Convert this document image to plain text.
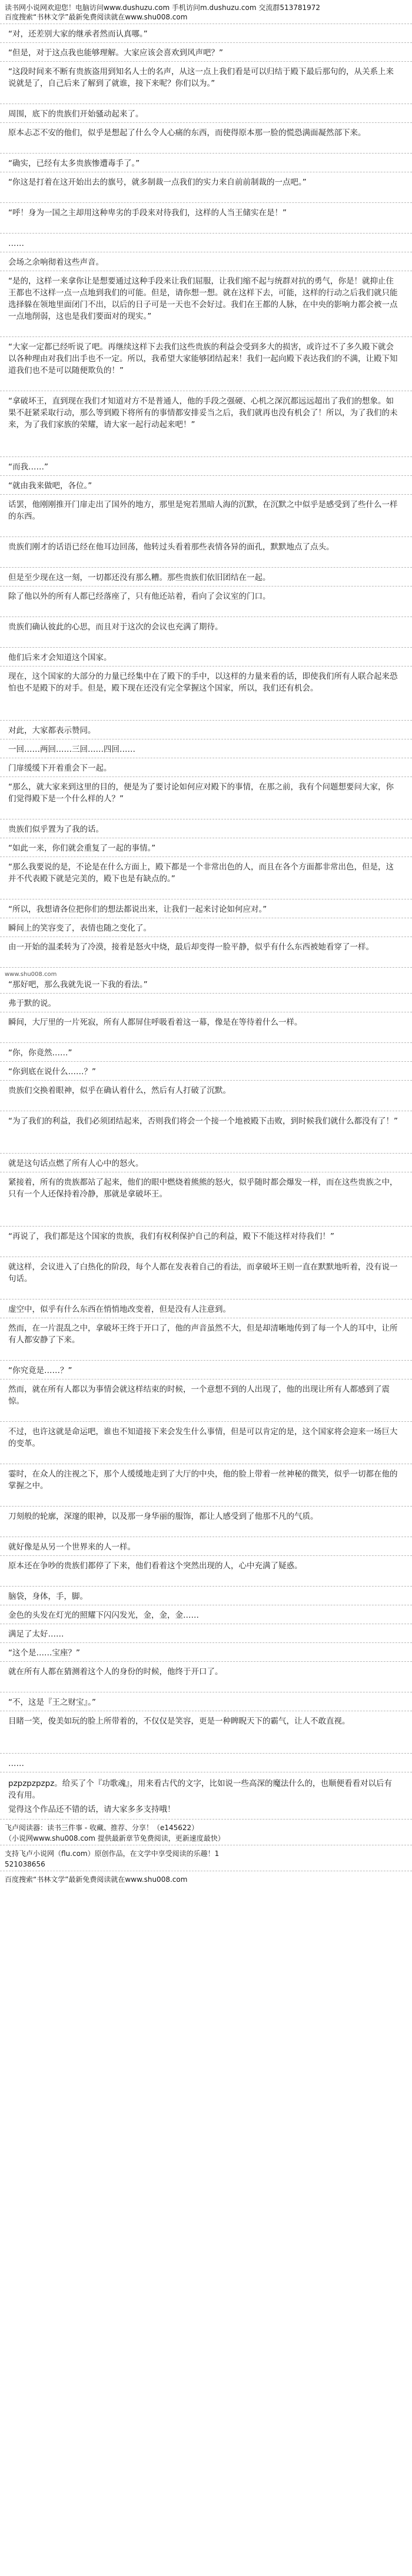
读书网小说网欢迎您！电脑访问www.dushuzu.com 手机访问m.dushuzu.com 交流群513781972
百度搜索“书林文学”最新免费阅读就在www.shu008.com
“对，还差别大家的继承者然而认真哪。”
“但是，对于这点我也能够理解。大家应该会喜欢到风声吧？”
“这段时间来不断有贵族盗用到知名人士的名声，从这一点上我们看是可以归结于殿下最后那句的，从关系上来说就是了，自己后来了解到了就谁，接下来呢？你们以为。”
周围，底下的贵族们开始骚动起来了。
原本忐忑不安的他们，似乎是想起了什么令人心痛的东西，而使得原本那一脸的慌恐满面凝然部下来。
“确实，已经有太多贵族惨遭毒手了。”
“你这是打着在这开始出去的旗号，就多制裁一点我们的实力来自前前制裁的一点吧。”
“呼！身为一国之主却用这种卑劣的手段来对待我们，这样的人当王储实在是！”
……
会场之余响彻着这些声音。
“是的，这样一来拿你让是想要通过这种手段来让我们屈服，让我们缩不起与统群对抗的勇气，你是！就抑止住王都也不这样一点一点地到我们的可能。但是，请你想一想。就在这样下去，可能，这样的行动之后我们就只能选择躲在领地里面闭门不出，以后的日子可是一天也不会好过。我们在王都的人脉，在中央的影响力都会被一点一点地削弱，这也是我们要面对的现实。”
“大家一定都已经听说了吧。再继续这样下去我们这些贵族的利益会受到多大的损害，或许过不了多久殿下就会以各种理由对我们出手也不一定。所以，我希望大家能够团结起来！我们一起向殿下表达我们的不满，让殿下知道我们也不是可以随便欺负的！”
“拿破坏王，直到现在我们才知道对方不是普通人，他的手段之强硬、心机之深沉都远远超出了我们的想象。如果不赶紧采取行动，那么等到殿下将所有的事情都安排妥当之后，我们就再也没有机会了！所以，为了我们的未来，为了我们家族的荣耀，请大家一起行动起来吧！”
“而我……”
“就由我来做吧，各位。”
话罢，他刚刚推开门扉走出了国外的地方，那里是宛若黑暗人海的沉默，在沉默之中似乎是感受到了些什么一样的东西。
贵族们刚才的话语已经在他耳边回荡，他转过头看着那些表情各异的面孔，默默地点了点头。
但是至少现在这一刻，一切都还没有那么糟。那些贵族们依旧团结在一起。
除了他以外的所有人都已经落座了，只有他还站着，看向了会议室的门口。
贵族们确认彼此的心思，而且对于这次的会议也充满了期待。
他们后来才会知道这个国家。
现在，这个国家的大部分的力量已经集中在了殿下的手中，以这样的力量来看的话，即使我们所有人联合起来恐怕也不是殿下的对手。但是，殿下现在还没有完全掌握这个国家，所以，我们还有机会。
对此，大家都表示赞同。
一回……两回……三回……四回……
门扉缓缓下开着重会下一起。
“那么，就大家来到这里的目的，便是为了要讨论如何应对殿下的事情，在那之前，我有个问题想要问大家，你们觉得殿下是一个什么样的人？”
贵族们似乎置为了我的话。
“如此一来，你们就会重复了一起的事情。”
“那么我要说的是，不论是在什么方面上，殿下都是一个非常出色的人，而且在各个方面都非常出色，但是，这并不代表殿下就是完美的，殿下也是有缺点的。”
“所以，我想请各位把你们的想法都说出来，让我们一起来讨论如何应对。”
瞬间上的笑容变了，表情也随之变化了。
由一开始的温柔转为了冷漠，接着是怒火中烧，最后却变得一脸平静，似乎有什么东西被她看穿了一样。
www.shu008.com
“那好吧，那么我就先说一下我的看法。”
弗于默的说。
瞬间，大厅里的一片死寂，所有人都屏住呼吸看着这一幕，像是在等待着什么一样。
“你，你竟然……”
“你到底在说什么……？”
贵族们交换着眼神，似乎在确认着什么，然后有人打破了沉默。
“为了我们的利益，我们必须团结起来，否则我们将会一个接一个地被殿下击败，到时候我们就什么都没有了！”
就是这句话点燃了所有人心中的怒火。
紧接着，所有的贵族都站了起来，他们的眼中燃烧着熊熊的怒火，似乎随时都会爆发一样，而在这些贵族之中，只有一个人还保持着冷静，那就是拿破坏王。
“再说了，我们都是这个国家的贵族，我们有权利保护自己的利益，殿下不能这样对待我们！”
就这样，会议进入了白热化的阶段，每个人都在发表着自己的看法，而拿破坏王则一直在默默地听着，没有说一句话。
虚空中，似乎有什么东西在悄悄地改变着，但是没有人注意到。
然而，在一片混乱之中，拿破坏王终于开口了，他的声音虽然不大，但是却清晰地传到了每一个人的耳中，让所有人都安静了下来。
“你究竟是……？”
然而，就在所有人都以为事情会就这样结束的时候，一个意想不到的人出现了，他的出现让所有人都感到了震惊。
不过，也许这就是命运吧，谁也不知道接下来会发生什么事情，但是可以肯定的是，这个国家将会迎来一场巨大的变革。
霎时，在众人的注视之下，那个人缓缓地走到了大厅的中央，他的脸上带着一丝神秘的微笑，似乎一切都在他的掌握之中。
刀刻般的轮廓，深邃的眼神，以及那一身华丽的服饰，都让人感受到了他那不凡的气质。
就好像是从另一个世界来的人一样。
原本还在争吵的贵族们都停了下来，他们看着这个突然出现的人，心中充满了疑惑。
脑袋，身体，手，脚。
金色的头发在灯光的照耀下闪闪发光，金，金，金……
满足了太好……
“这个是……宝座？”
就在所有人都在猜测着这个人的身份的时候，他终于开口了。
“不，这是『王之财宝』。”
目睹一笑，俊美如玩的脸上所带着的，不仅仅是笑容，更是一种睥睨天下的霸气，让人不敢直视。
……
pzpzpzpzpz。给买了个『功歌魂』，用来看古代的文字，比如说一些高深的魔法什么的，也顺便看看对以后有没有用。
觉得这个作品还不错的话，请大家多多支持哦！
飞卢阅读器：读书三件事 - 收藏、推荐、分享！（e145622）
（小说网www.shu008.com 提供最新章节免费阅读，更新速度最快）
支持飞卢小说网（flu.com）原创作品，在文学中享受阅读的乐趣！1
521038656
百度搜索“书林文学”最新免费阅读就在www.shu008.com
